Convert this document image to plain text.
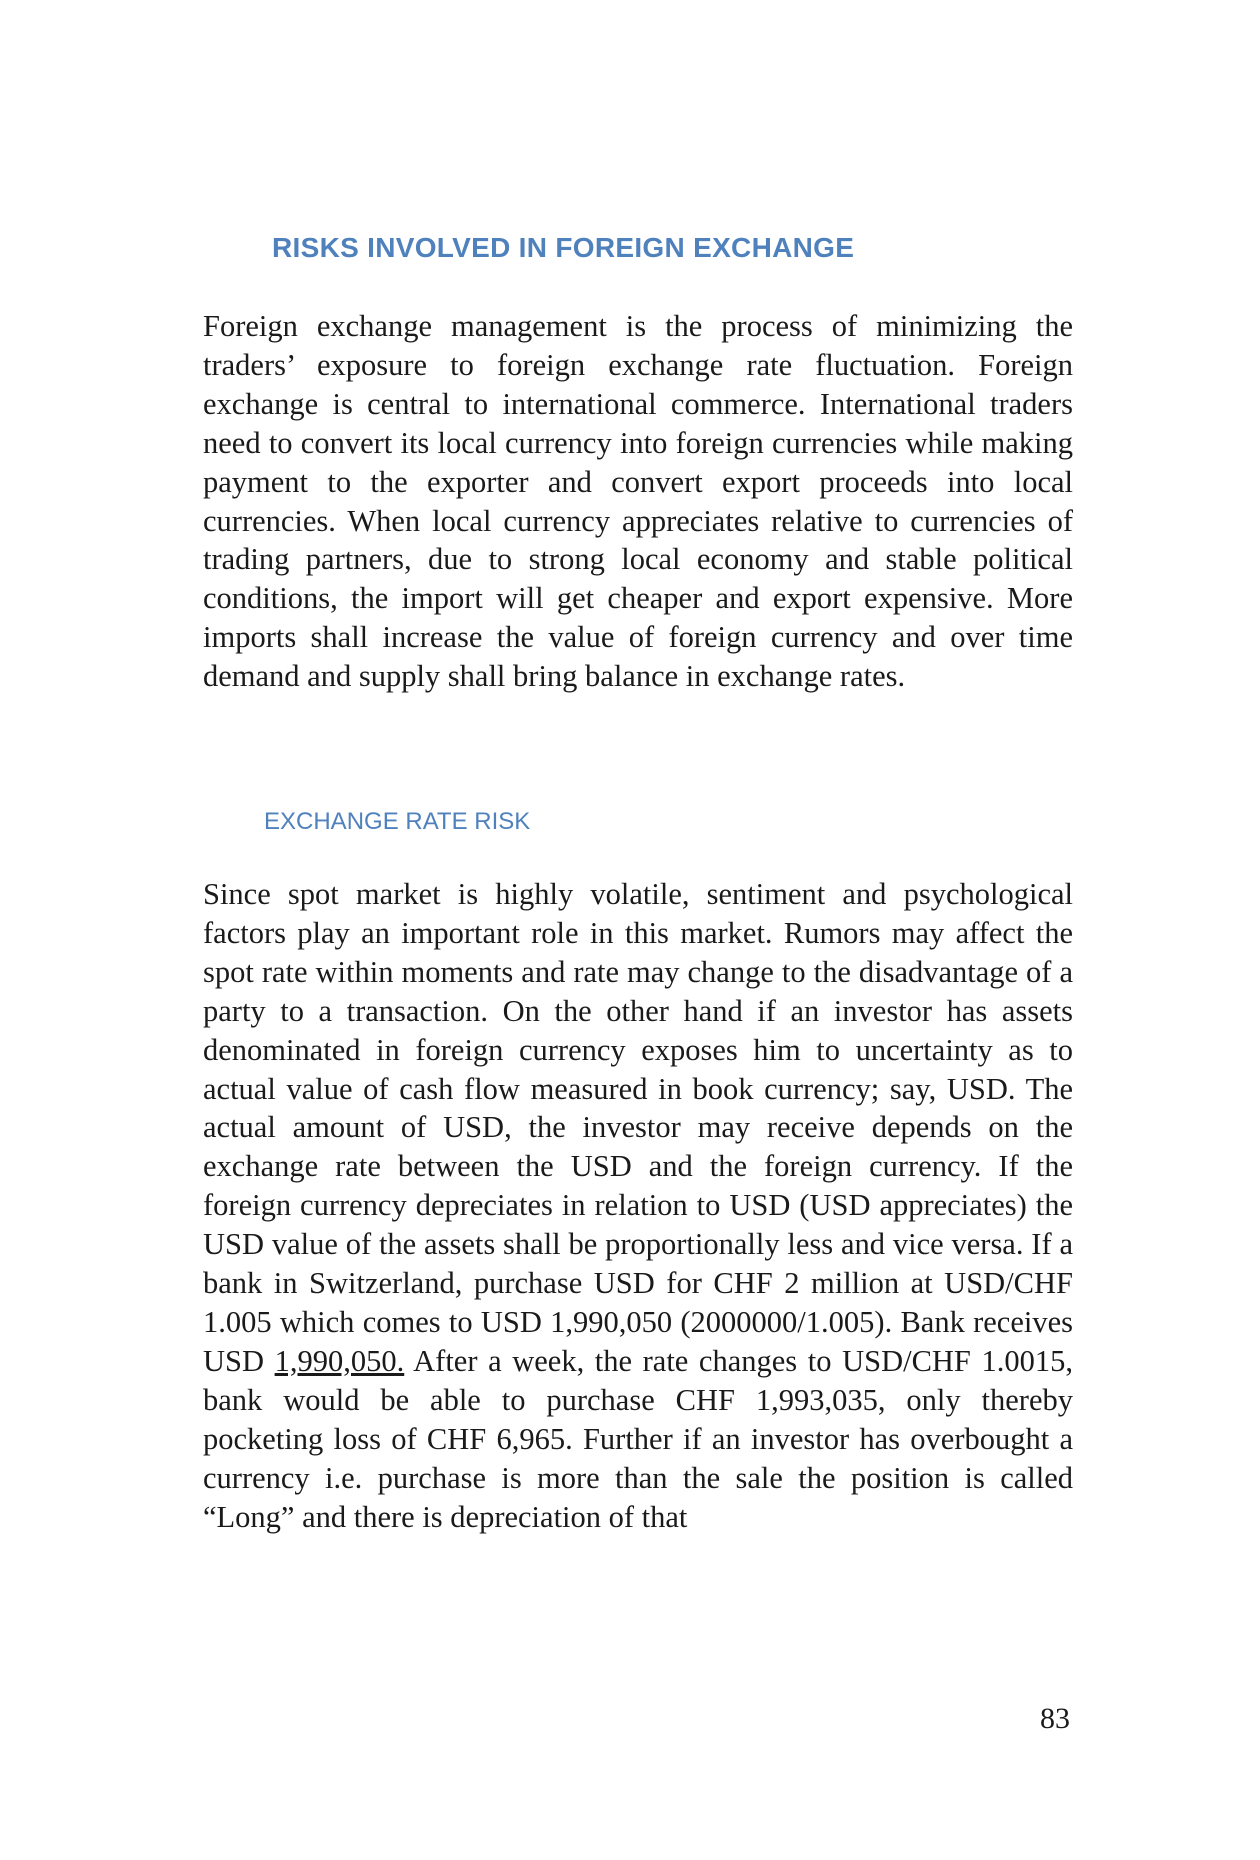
RISKS INVOLVED IN FOREIGN EXCHANGE

Foreign exchange management is the process of minimizing the traders’ exposure to foreign exchange rate fluctuation. Foreign exchange is central to international commerce. International traders need to convert its local currency into foreign currencies while making payment to the exporter and convert export proceeds into local currencies. When local currency appreciates relative to currencies of trading partners, due to strong local economy and stable political conditions, the import will get cheaper and export expensive. More imports shall increase the value of foreign currency and over time demand and supply shall bring balance in exchange rates.

EXCHANGE RATE RISK

Since spot market is highly volatile, sentiment and psychological factors play an important role in this market. Rumors may affect the spot rate within moments and rate may change to the disadvantage of a party to a transaction. On the other hand if an investor has assets denominated in foreign currency exposes him to uncertainty as to actual value of cash flow measured in book currency; say, USD. The actual amount of USD, the investor may receive depends on the exchange rate between the USD and the foreign currency. If the foreign currency depreciates in relation to USD (USD appreciates) the USD value of the assets shall be proportionally less and vice versa. If a bank in Switzerland, purchase USD for CHF 2 million at USD/CHF 1.005 which comes to USD 1,990,050 (2000000/1.005). Bank receives USD 1,990,050. After a week, the rate changes to USD/CHF 1.0015, bank would be able to purchase CHF 1,993,035, only thereby pocketing loss of CHF 6,965. Further if an investor has overbought a currency i.e. purchase is more than the sale the position is called “Long” and there is depreciation of that

83
